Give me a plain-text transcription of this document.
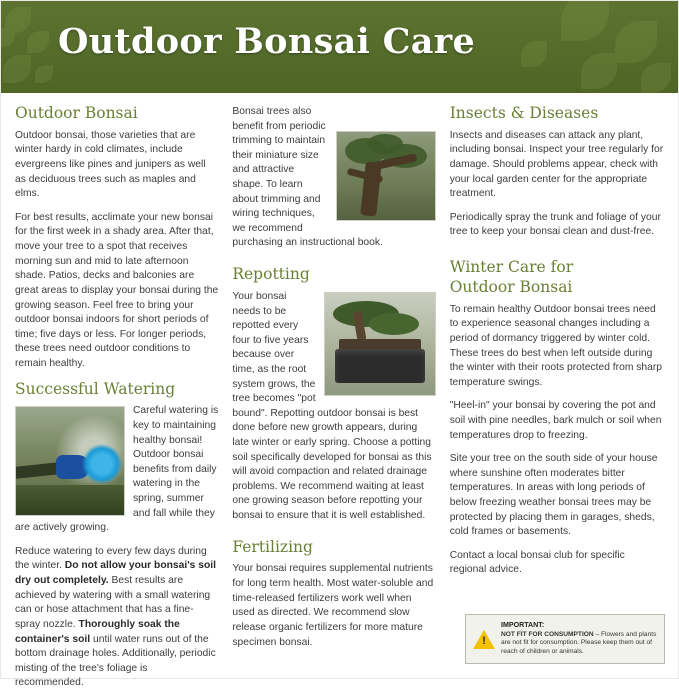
Outdoor Bonsai Care
Outdoor Bonsai

Outdoor bonsai, those varieties that are winter hardy in cold climates, include evergreens like pines and junipers as well as deciduous trees such as maples and elms.

For best results, acclimate your new bonsai for the first week in a shady area. After that, move your tree to a spot that receives morning sun and mid to late afternoon shade. Patios, decks and balconies are great areas to display your bonsai during the growing season. Feel free to bring your outdoor bonsai indoors for short periods of time; five days or less. For longer periods, these trees need outdoor conditions to remain healthy.

Successful Watering

Careful watering is key to maintaining healthy bonsai! Outdoor bonsai benefits from daily watering in the spring, summer and fall while they are actively growing.

Reduce watering to every few days during the winter. Do not allow your bonsai's soil dry out completely. Best results are achieved by watering with a small watering can or hose attachment that has a fine-spray nozzle. Thoroughly soak the container's soil until water runs out of the bottom drainage holes. Additionally, periodic misting of the tree's foliage is recommended.

Bonsai trees also benefit from periodic trimming to maintain their miniature size and attractive shape. To learn about trimming and wiring techniques, we recommend purchasing an instructional book.

Repotting

Your bonsai needs to be repotted every four to five years because over time, as the root system grows, the tree becomes "pot bound". Repotting outdoor bonsai is best done before new growth appears, during late winter or early spring. Choose a potting soil specifically developed for bonsai as this will avoid compaction and related drainage problems. We recommend waiting at least one growing season before repotting your bonsai to ensure that it is well established.

Fertilizing

Your bonsai requires supplemental nutrients for long term health. Most water-soluble and time-released fertilizers work well when used as directed. We recommend slow release organic fertilizers for more mature specimen bonsai.

Insects & Diseases

Insects and diseases can attack any plant, including bonsai. Inspect your tree regularly for damage. Should problems appear, check with your local garden center for the appropriate treatment.

Periodically spray the trunk and foliage of your tree to keep your bonsai clean and dust-free.

Winter Care for
Outdoor Bonsai

To remain healthy Outdoor bonsai trees need to experience seasonal changes including a period of dormancy triggered by winter cold. These trees do best when left outside during the winter with their roots protected from sharp temperature swings.

"Heel-in" your bonsai by covering the pot and soil with pine needles, bark mulch or soil when temperatures drop to freezing.

Site your tree on the south side of your house where sunshine often moderates bitter temperatures. In areas with long periods of below freezing weather bonsai trees may be protected by placing them in garages, sheds, cold frames or basements.

Contact a local bonsai club for specific regional advice.

!
IMPORTANT:
NOT FIT FOR CONSUMPTION – Flowers and plants are not fit for consumption. Please keep them out of reach of children or animals.
